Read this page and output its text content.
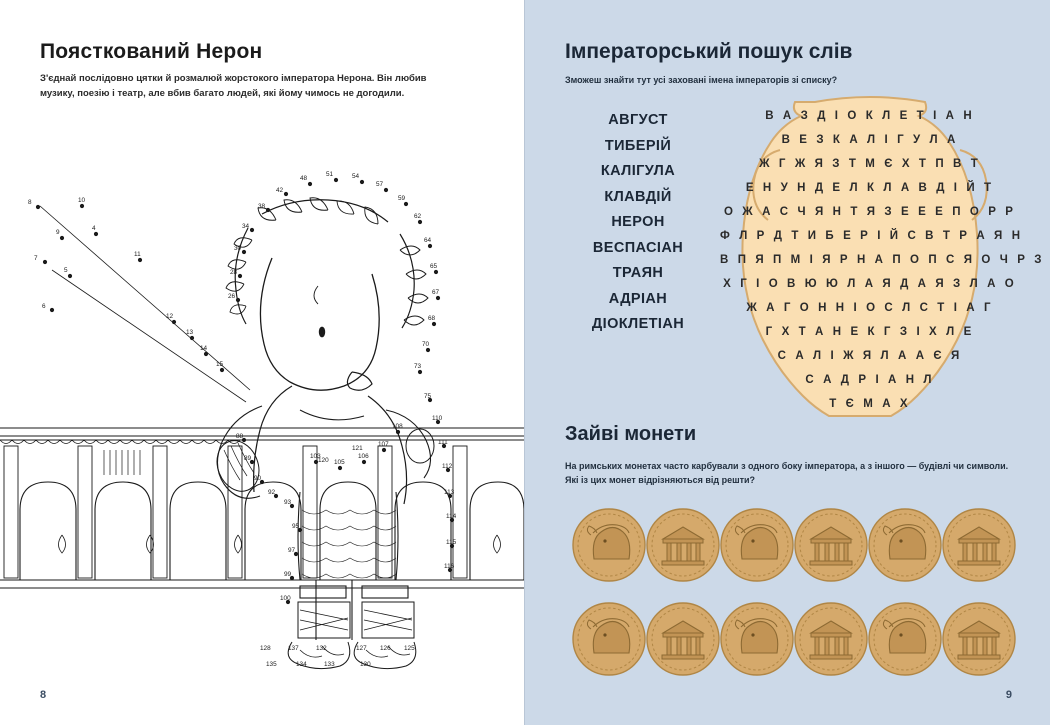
Поясткований Нерон
З'єднай послідовно цятки й розмалюй жорстокого імператора Нерона. Він любив музику, поезію і театр, але вбив багато людей, які йому чимось не догодили.
8
7
6
9
5
10
4
11
12
13
14
15
26
28
30
34
38
42
48
51	54
57
59
62
64
65
67
68
70
73
75
110
111
112
113
114
115
116
88
89
90
92
93
95
97
99
100
103
105
106
107
108
120
121
128	137	132	127 126 125
135	134	133	130
8
Імператорський пошук слів
Зможеш знайти тут усі заховані імена імператорів зі списку?
АВГУСТ
ТИБЕРІЙ
КАЛІГУЛА
КЛАВДІЙ
НЕРОН
ВЕСПАСІАН
ТРАЯН
АДРІАН
ДІОКЛЕТІАН
В А З Д І О К Л Е Т І А Н
В Е З К А Л І Г У Л А
Ж Г Ж Я З Т М Є Х Т П В Т
Е Н У Н Д Е Л К Л А В Д І Й Т
О Ж А С Ч Я Н Т Я З Е Е Е П О Р Р
Ф Л Р Д Т И Б Е Р І Й С В Т Р А Я Н
В П Я П М І Я Р Н А П О П С Я О Ч Р З
Х Г І О В Ю Ю Л А Я Д А Я З Л А О
Ж А Г О Н Н І О С Л С Т І А Г
Г Х Т А Н Е К Г З І Х Л Е
С А Л І Ж Я Л А А Є Я
С А Д Р І А Н Л
Т Є М А Х
Зайві монети
На римських монетах часто карбували з одного боку імператора, а з іншого — будівлі чи символи. Які із цих монет відрізняються від решти?
9
